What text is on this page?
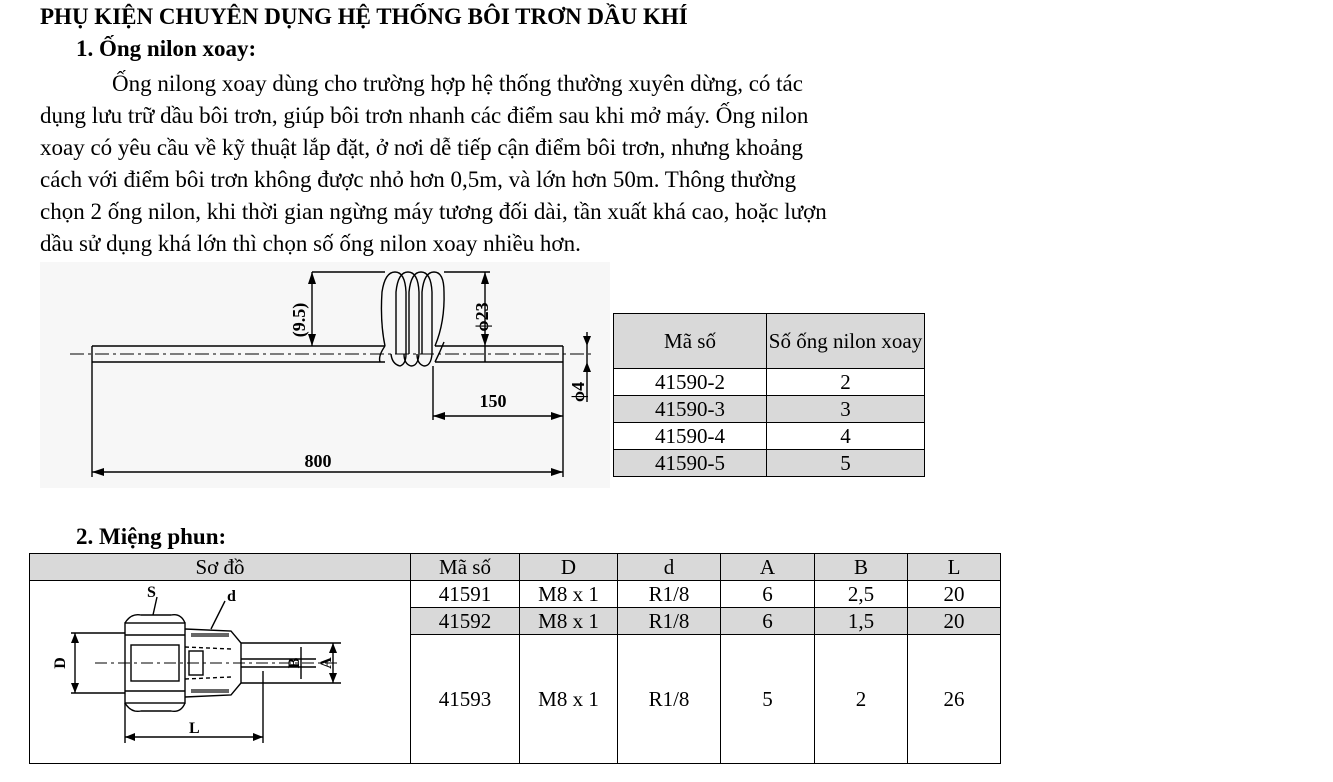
PHỤ KIỆN CHUYÊN DỤNG HỆ THỐNG BÔI TRƠN DẦU KHÍ
1. Ống nilon xoay:
Ống nilong xoay dùng cho trường hợp hệ thống thường xuyên dừng, có tác
dụng lưu trữ dầu bôi trơn, giúp bôi trơn nhanh các điểm sau khi mở máy. Ống nilon
xoay có yêu cầu về kỹ thuật lắp đặt, ở nơi dễ tiếp cận điểm bôi trơn, nhưng khoảng
cách với điểm bôi trơn không được nhỏ hơn 0,5m, và lớn hơn 50m. Thông thường
chọn 2 ống nilon, khi thời gian ngừng máy tương đối dài, tần xuất khá cao, hoặc lượn
dầu sử dụng khá lớn thì chọn số ống nilon xoay nhiều hơn.
(9.5)	ϕ23
150	ϕ4
800
Mã số	Số ống nilon xoay
41590-2	2
41590-3	3
41590-4	4
41590-5	5
2. Miệng phun:
Sơ đồ	Mã số	D	d	A	B	L
	41591	M8 x 1	R1/8	6	2,5	20
	41592	M8 x 1	R1/8	6	1,5	20
	41593	M8 x 1	R1/8	5	2	26
S	d
D	B A
L
